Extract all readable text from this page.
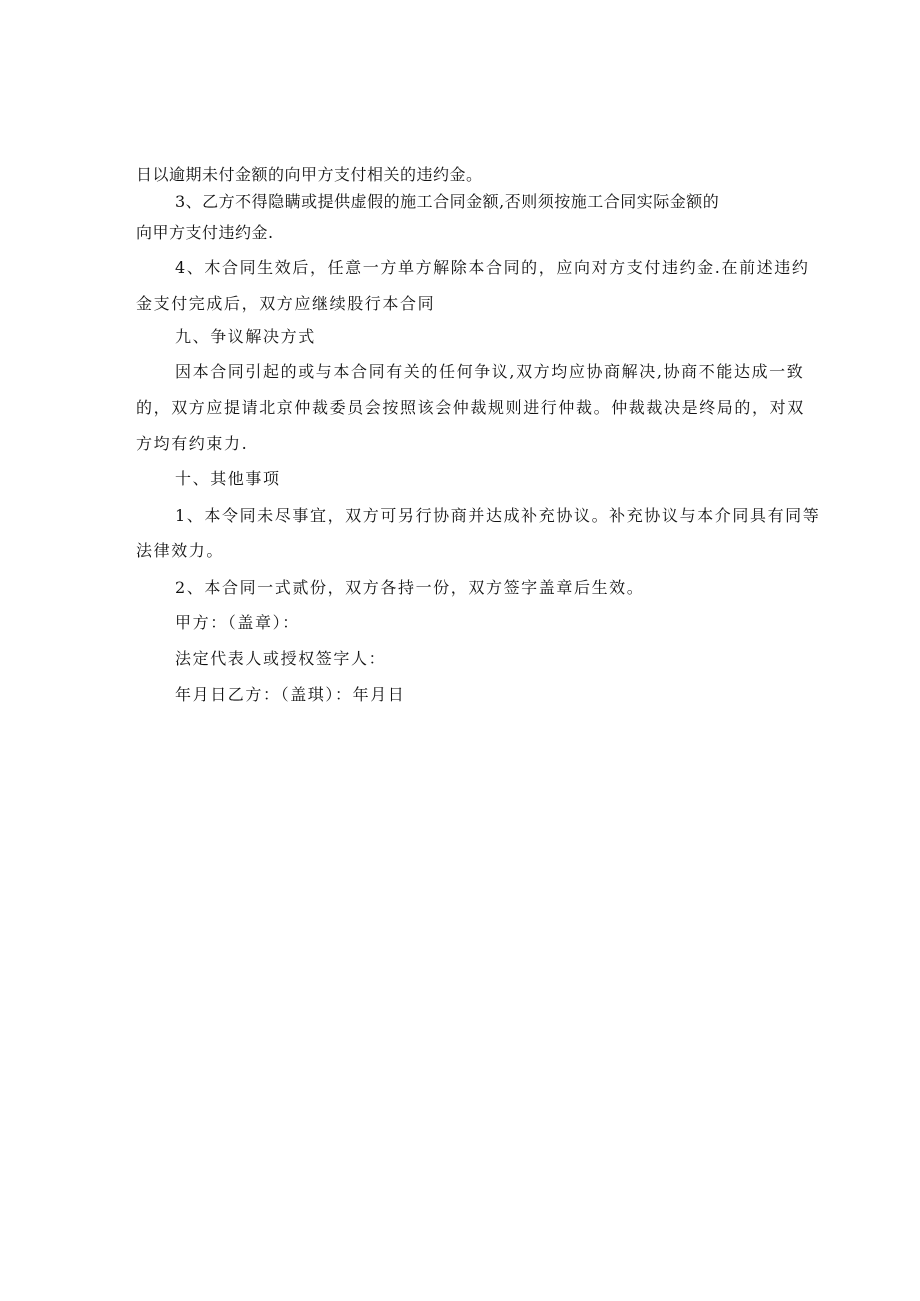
日以逾期未付金额的向甲方支付相关的违约金。
3、乙方不得隐瞒或提供虚假的施工合同金额,否则须按施工合同实际金额的
向甲方支付违约金.
4、木合同生效后，任意一方单方解除本合同的，应向对方支付违约金.在前述违约
金支付完成后，双方应继续股行本合同
九、争议解决方式
因本合同引起的或与本合同有关的任何争议,双方均应协商解决,协商不能达成一致
的，双方应提请北京仲裁委员会按照该会仲裁规则进行仲裁。仲裁裁决是终局的，对双
方均有约束力.
十、其他事项
1、本令同未尽事宜，双方可另行协商并达成补充协议。补充协议与本介同具有同等
法律效力。
2、本合同一式贰份，双方各持一份，双方签字盖章后生效。
甲方：（盖章）：
法定代表人或授权签字人：
年月日乙方：（盖琪）：年月日
